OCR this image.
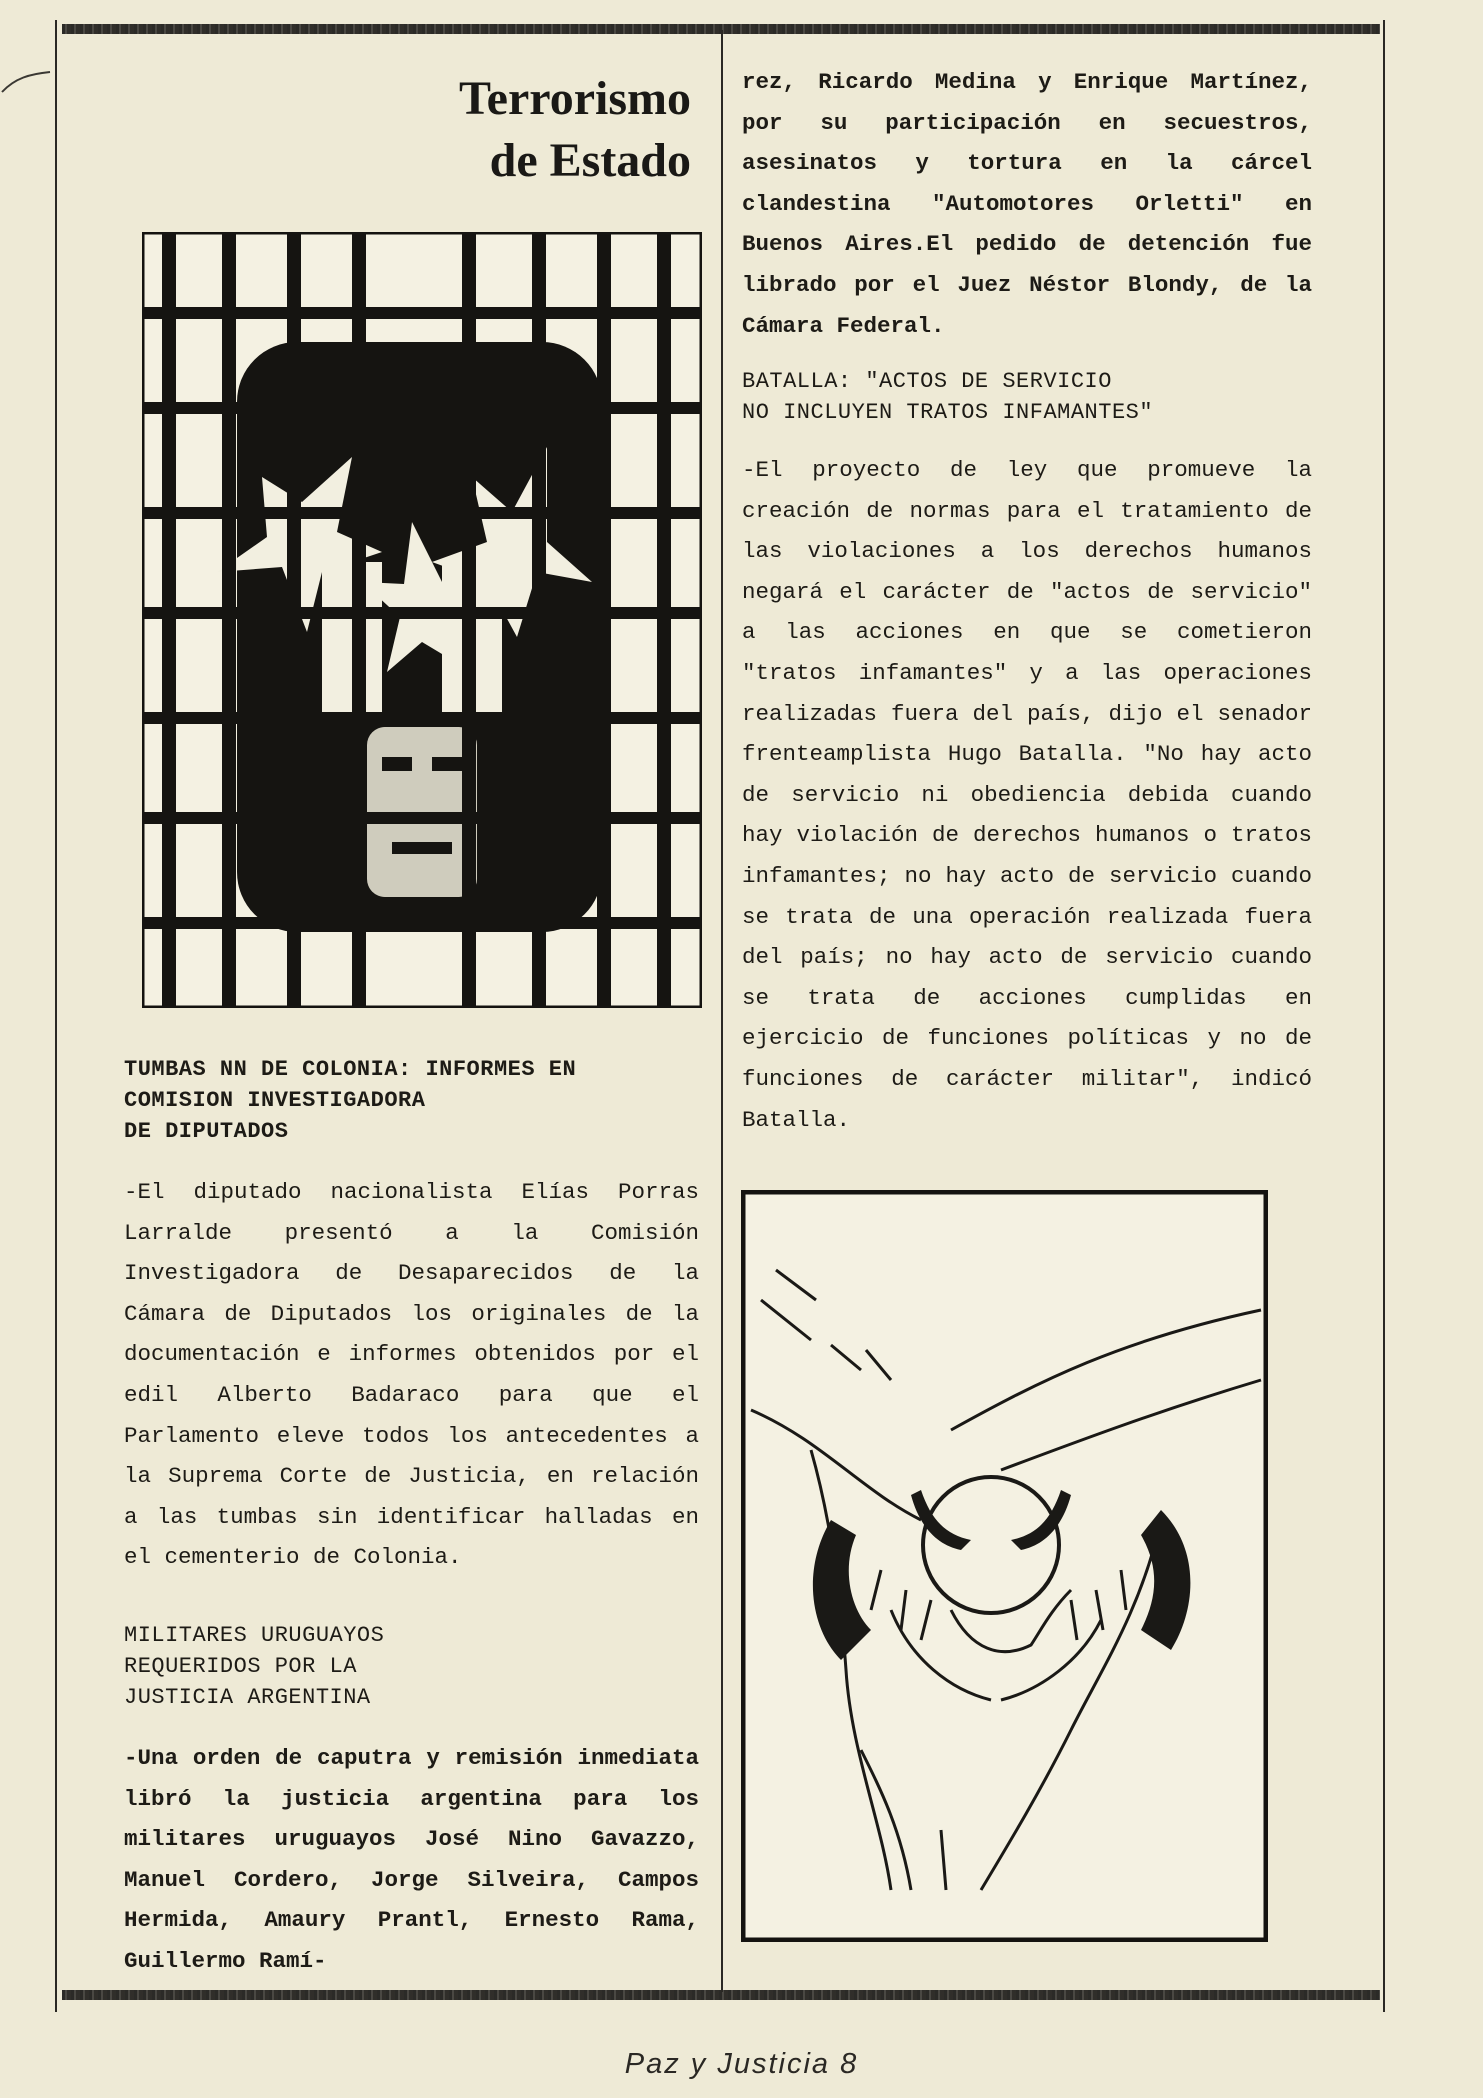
Terrorismo
de Estado
TUMBAS NN DE COLONIA: INFORMES EN
COMISION INVESTIGADORA
DE DIPUTADOS

-El diputado nacionalista Elías Porras Larralde presentó a la Comisión Investigadora de Desaparecidos de la Cámara de Diputados los originales de la documentación e informes obtenidos por el edil Alberto Badaraco para que el Parlamento eleve todos los antecedentes a la Suprema Corte de Justicia, en relación a las tumbas sin identificar halladas en el cementerio de Colonia.

MILITARES URUGUAYOS
REQUERIDOS POR LA
JUSTICIA ARGENTINA

-Una orden de caputra y remisión inmediata libró la justicia argentina para los militares uruguayos José Nino Gavazzo, Manuel Cordero, Jorge Silveira, Campos Hermida, Amaury Prantl, Ernesto Rama, Guillermo Ramí-

rez, Ricardo Medina y Enrique Martínez, por su participación en secuestros, asesinatos y tortura en la cárcel clandestina "Automotores Orletti" en Buenos Aires.El pedido de detención fue librado por el Juez Néstor Blondy, de la Cámara Federal.

BATALLA: "ACTOS DE SERVICIO
NO INCLUYEN TRATOS INFAMANTES"

-El proyecto de ley que promueve la creación de normas para el tratamiento de las violaciones a los derechos humanos negará el carácter de "actos de servicio" a las acciones en que se cometieron "tratos infamantes" y a las operaciones realizadas fuera del país, dijo el senador frenteamplista Hugo Batalla. "No hay acto de servicio ni obediencia debida cuando hay violación de derechos humanos o tratos infamantes; no hay acto de servicio cuando se trata de una operación realizada fuera del país; no hay acto de servicio cuando se trata de acciones cumplidas en ejercicio de funciones políticas y no de funciones de carácter militar", indicó Batalla.

Paz y Justicia 8
